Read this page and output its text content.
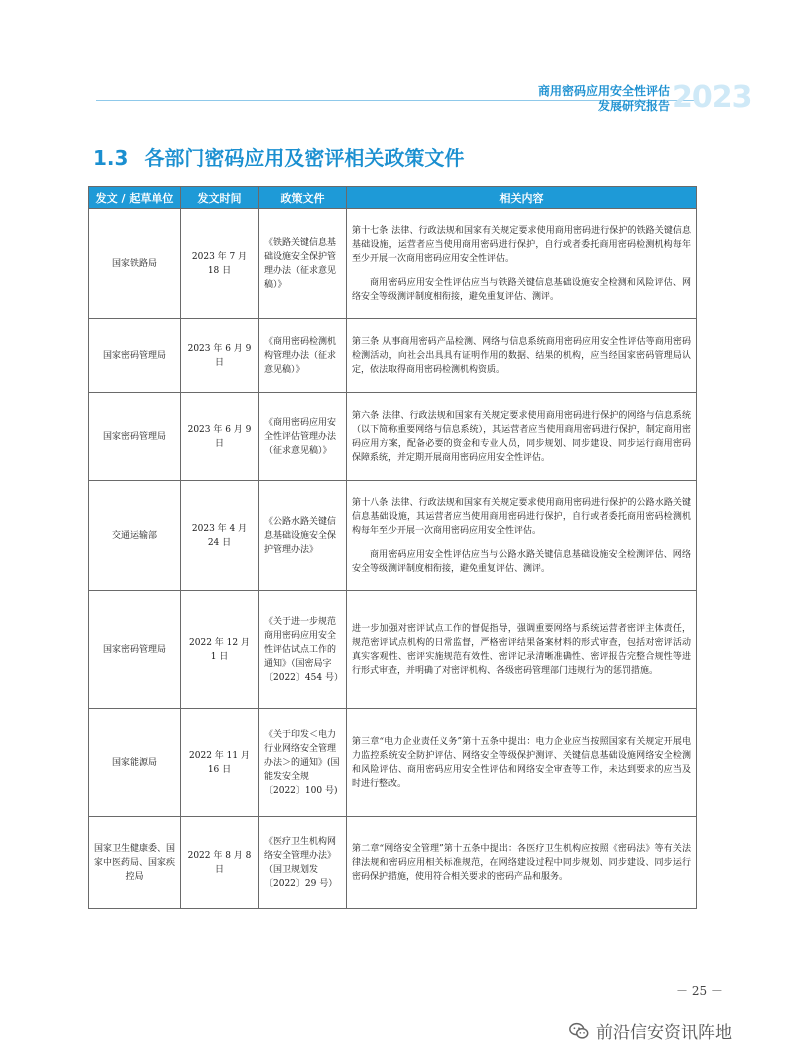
商用密码应用安全性评估
发展研究报告 2023
1.3 各部门密码应用及密评相关政策文件
发文 / 起草单位	发文时间	政策文件	相关内容
国家铁路局	2023 年 7 月 18 日	《铁路关键信息基础设施安全保护管理办法（征求意见稿）》	第十七条 法律、行政法规和国家有关规定要求使用商用密码进行保护的铁路关键信息基础设施，运营者应当使用商用密码进行保护，自行或者委托商用密码检测机构每年至少开展一次商用密码应用安全性评估。

商用密码应用安全性评估应当与铁路关键信息基础设施安全检测和风险评估、网络安全等级测评制度相衔接，避免重复评估、测评。

国家密码管理局	2023 年 6 月 9 日	《商用密码检测机构管理办法（征求意见稿）》	第三条 从事商用密码产品检测、网络与信息系统商用密码应用安全性评估等商用密码检测活动，向社会出具具有证明作用的数据、结果的机构，应当经国家密码管理局认定，依法取得商用密码检测机构资质。

国家密码管理局	2023 年 6 月 9 日	《商用密码应用安全性评估管理办法（征求意见稿）》	第六条 法律、行政法规和国家有关规定要求使用商用密码进行保护的网络与信息系统（以下简称重要网络与信息系统），其运营者应当使用商用密码进行保护，制定商用密码应用方案，配备必要的资金和专业人员，同步规划、同步建设、同步运行商用密码保障系统，并定期开展商用密码应用安全性评估。

交通运输部	2023 年 4 月 24 日	《公路水路关键信息基础设施安全保护管理办法》	第十八条 法律、行政法规和国家有关规定要求使用商用密码进行保护的公路水路关键信息基础设施，其运营者应当使用商用密码进行保护，自行或者委托商用密码检测机构每年至少开展一次商用密码应用安全性评估。

商用密码应用安全性评估应当与公路水路关键信息基础设施安全检测评估、网络安全等级测评制度相衔接，避免重复评估、测评。

国家密码管理局	2022 年 12 月 1 日	《关于进一步规范商用密码应用安全性评估试点工作的通知》（国密局字〔2022〕454 号）	进一步加强对密评试点工作的督促指导，强调重要网络与系统运营者密评主体责任，规范密评试点机构的日常监督，严格密评结果备案材料的形式审查，包括对密评活动真实客观性、密评实施规范有效性、密评记录清晰准确性、密评报告完整合规性等进行形式审查，并明确了对密评机构、各级密码管理部门违规行为的惩罚措施。

国家能源局	2022 年 11 月 16 日	《关于印发＜电力行业网络安全管理办法＞的通知》(国能发安全规〔2022〕100 号)	第三章“电力企业责任义务”第十五条中提出：电力企业应当按照国家有关规定开展电力监控系统安全防护评估、网络安全等级保护测评、关键信息基础设施网络安全检测和风险评估、商用密码应用安全性评估和网络安全审查等工作，未达到要求的应当及时进行整改。

国家卫生健康委、国家中医药局、国家疾控局	2022 年 8 月 8 日	《医疗卫生机构网络安全管理办法》（国卫规划发〔2022〕29 号）	第二章“网络安全管理”第十五条中提出：各医疗卫生机构应按照《密码法》等有关法律法规和密码应用相关标准规范，在网络建设过程中同步规划、同步建设、同步运行密码保护措施，使用符合相关要求的密码产品和服务。

－ 25 －
前沿信安资讯阵地
